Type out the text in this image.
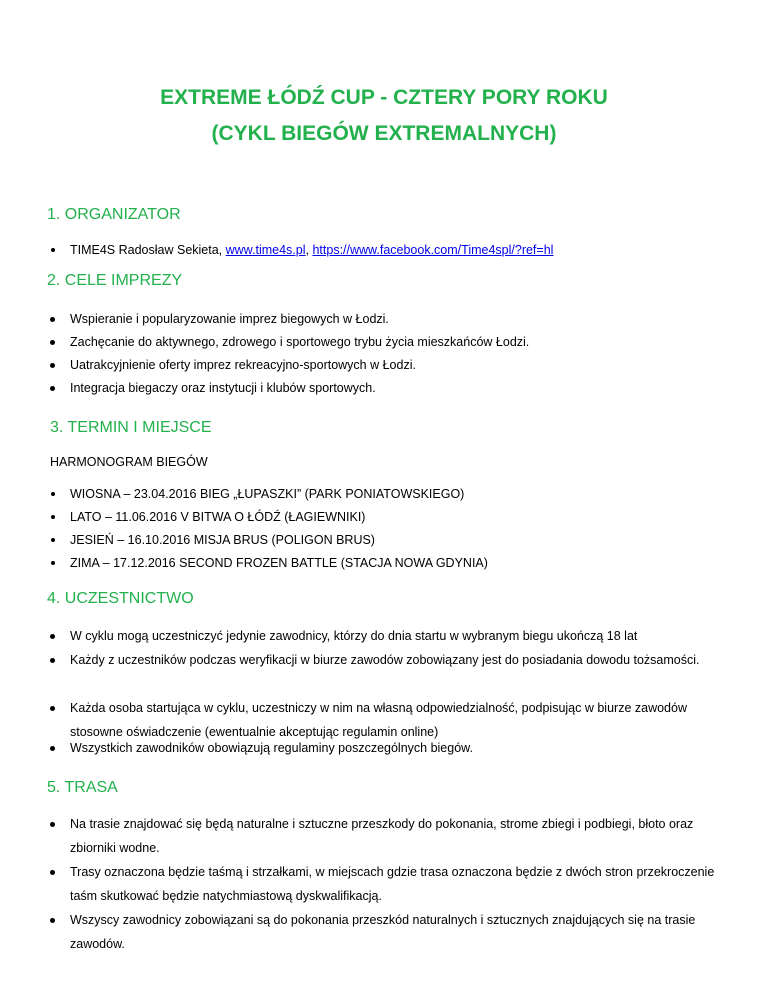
EXTREME ŁÓDŹ CUP - CZTERY PORY ROKU
(CYKL BIEGÓW EXTREMALNYCH)
1. ORGANIZATOR
TIME4S Radosław Sekieta, www.time4s.pl, https://www.facebook.com/Time4spl/?ref=hl
2. CELE IMPREZY
Wspieranie i popularyzowanie imprez biegowych w Łodzi.
Zachęcanie do aktywnego, zdrowego i sportowego trybu życia mieszkańców Łodzi.
Uatrakcyjnienie oferty imprez rekreacyjno-sportowych w Łodzi.
Integracja biegaczy oraz instytucji i klubów sportowych.
3. TERMIN I MIEJSCE
HARMONOGRAM BIEGÓW
WIOSNA – 23.04.2016 BIEG „ŁUPASZKI” (PARK PONIATOWSKIEGO)
LATO – 11.06.2016 V BITWA O ŁÓDŹ (ŁAGIEWNIKI)
JESIEŃ – 16.10.2016 MISJA BRUS (POLIGON BRUS)
ZIMA – 17.12.2016 SECOND FROZEN BATTLE (STACJA NOWA GDYNIA)
4. UCZESTNICTWO
W cyklu mogą uczestniczyć jedynie zawodnicy, którzy do dnia startu w wybranym biegu ukończą 18 lat
Każdy z uczestników podczas weryfikacji w biurze zawodów zobowiązany jest do posiadania dowodu tożsamości.
Każda osoba startująca w cyklu, uczestniczy w nim na własną odpowiedzialność, podpisując w biurze zawodów stosowne oświadczenie (ewentualnie akceptując regulamin online)
Wszystkich zawodników obowiązują regulaminy poszczególnych biegów.
5. TRASA
Na trasie znajdować się będą naturalne i sztuczne przeszkody do pokonania, strome zbiegi i podbiegi, błoto oraz zbiorniki wodne.
Trasy oznaczona będzie taśmą i strzałkami, w miejscach gdzie trasa oznaczona będzie z dwóch stron przekroczenie taśm skutkować będzie natychmiastową dyskwalifikacją.
Wszyscy zawodnicy zobowiązani są do pokonania przeszkód naturalnych i sztucznych znajdujących się na trasie zawodów.
